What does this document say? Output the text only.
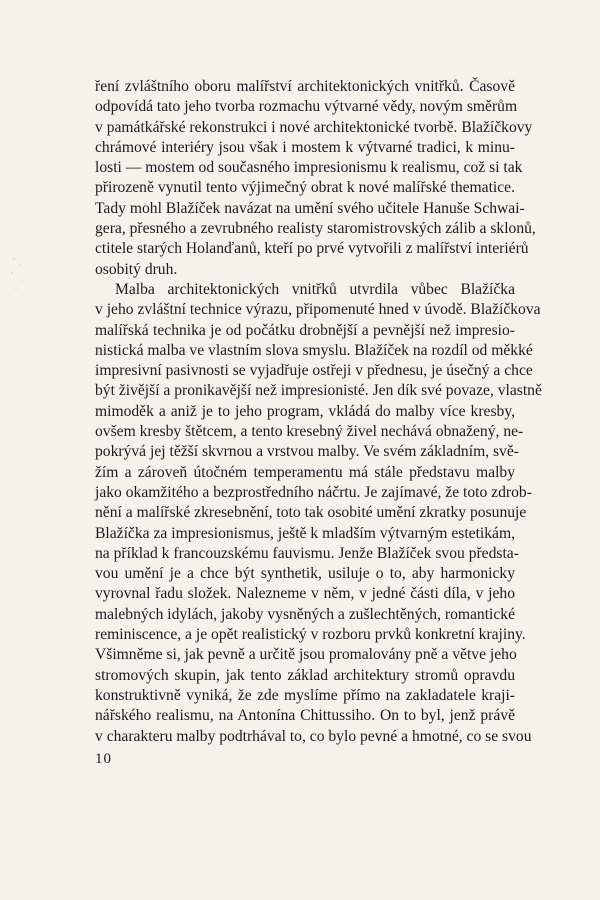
ření zvláštního oboru malířství architektonických vnitřků. Časově
odpovídá tato jeho tvorba rozmachu výtvarné vědy, novým směrům
v památkářské rekonstrukci i nové architektonické tvorbě. Blažíčkovy
chrámové interiéry jsou však i mostem k výtvarné tradici, k minu-
losti — mostem od současného impresionismu k realismu, což si tak
přirozeně vynutil tento výjimečný obrat k nové malířské thematice.
Tady mohl Blažíček navázat na umění svého učitele Hanuše Schwai-
gera, přesného a zevrubného realisty staromistrovských zálib a sklonů,
ctitele starých Holanďanů, kteří po prvé vytvořili z malířství interiérů
osobitý druh.
Malba architektonických vnitřků utvrdila vůbec Blažíčka
v jeho zvláštní technice výrazu, připomenuté hned v úvodě. Blažíčkova
malířská technika je od počátku drobnější a pevnější než impresio-
nistická malba ve vlastním slova smyslu. Blažíček na rozdíl od měkké
impresivní pasivnosti se vyjadřuje ostřeji v přednesu, je úsečný a chce
být živější a pronikavější než impresionisté. Jen dík své povaze, vlastně
mimoděk a aniž je to jeho program, vkládá do malby více kresby,
ovšem kresby štětcem, a tento kresebný živel nechává obnažený, ne-
pokrývá jej těžší skvrnou a vrstvou malby. Ve svém základním, svě-
žím a zároveň útočném temperamentu má stále představu malby
jako okamžitého a bezprostředního náčrtu. Je zajímavé, že toto zdrob-
nění a malířské zkresebnění, toto tak osobité umění zkratky posunuje
Blažíčka za impresionismus, ještě k mladším výtvarným estetikám,
na příklad k francouzskému fauvismu. Jenže Blažíček svou předsta-
vou umění je a chce být synthetik, usiluje o to, aby harmonicky
vyrovnal řadu složek. Nalezneme v něm, v jedné části díla, v jeho
malebných idylách, jakoby vysněných a zušlechtěných, romantické
reminiscence, a je opět realistický v rozboru prvků konkretní krajiny.
Všimněme si, jak pevně a určitě jsou promalovány pně a větve jeho
stromových skupin, jak tento základ architektury stromů opravdu
konstruktivně vyniká, že zde myslíme přímo na zakladatele kraji-
nářského realismu, na Antonína Chittussiho. On to byl, jenž právě
v charakteru malby podtrhával to, co bylo pevné a hmotné, co se svou
10
